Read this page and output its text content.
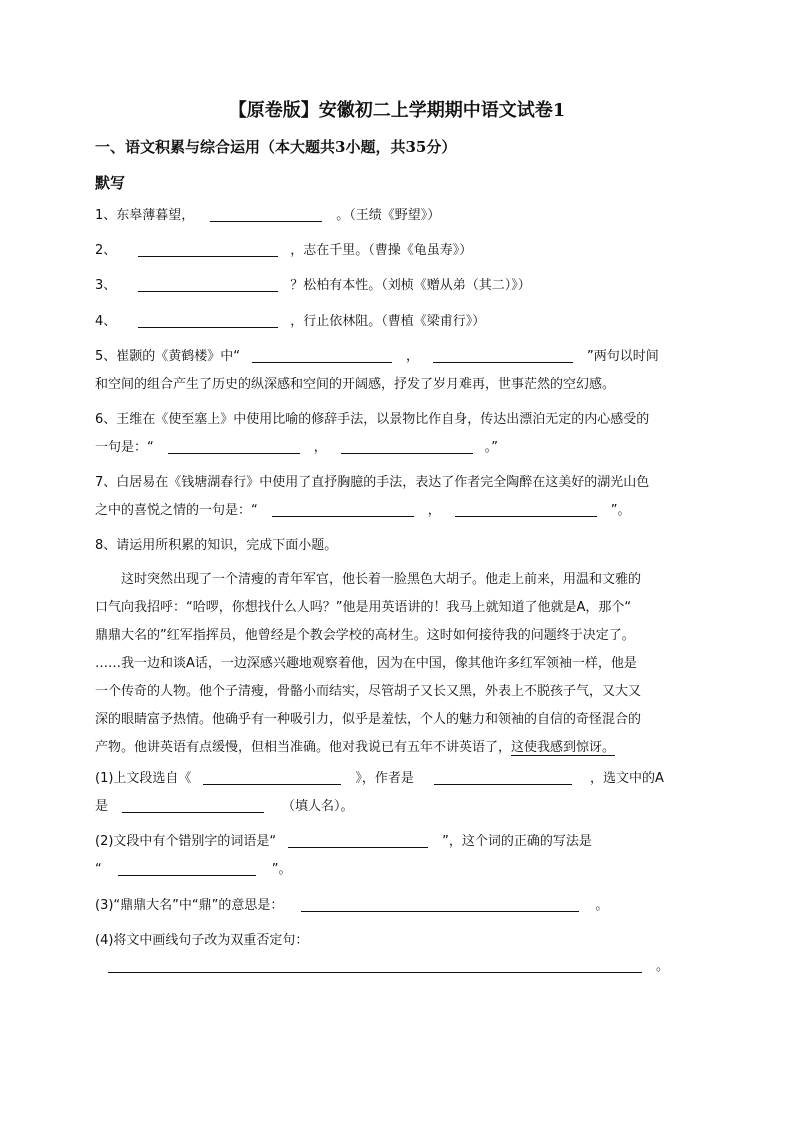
【原卷版】安徽初二上学期期中语文试卷1
一、语文积累与综合运用（本大题共3小题，共35分）
默写
1、东皋薄暮望，	。（王绩《野望》）
2、	，志在千里。（曹操《龟虽寿》）
3、	？松柏有本性。（刘桢《赠从弟（其二）》）
4、	，行止依林阻。（曹植《梁甫行》）
5、崔颢的《黄鹤楼》中“	，	”两句以时间
和空间的组合产生了历史的纵深感和空间的开阔感，抒发了岁月难再，世事茫然的空幻感。
6、王维在《使至塞上》中使用比喻的修辞手法，以景物比作自身，传达出漂泊无定的内心感受的
一句是：“	，	。”
7、白居易在《钱塘湖春行》中使用了直抒胸臆的手法，表达了作者完全陶醉在这美好的湖光山色
之中的喜悦之情的一句是：“	，	”。
8、请运用所积累的知识，完成下面小题。
　　这时突然出现了一个清瘦的青年军官，他长着一脸黑色大胡子。他走上前来，用温和文雅的
口气向我招呼：“哈啰，你想找什么人吗？”他是用英语讲的！我马上就知道了他就是A，那个“
鼎鼎大名的”红军指挥员，他曾经是个教会学校的高材生。这时如何接待我的问题终于决定了。
……我一边和谈A话，一边深感兴趣地观察着他，因为在中国，像其他许多红军领袖一样，他是
一个传奇的人物。他个子清瘦，骨骼小而结实，尽管胡子又长又黑，外表上不脱孩子气，又大又
深的眼睛富予热情。他确乎有一种吸引力，似乎是羞怯，个人的魅力和领袖的自信的奇怪混合的
产物。他讲英语有点缓慢，但相当准确。他对我说已有五年不讲英语了，这使我感到惊讶。
(1)上文段选自《	》，作者是	，选文中的A
是	（填人名）。
(2)文段中有个错别字的词语是“	”，这个词的正确的写法是
“	”。
(3)“鼎鼎大名”中“鼎”的意思是：	。
(4)将文中画线句子改为双重否定句：
。
